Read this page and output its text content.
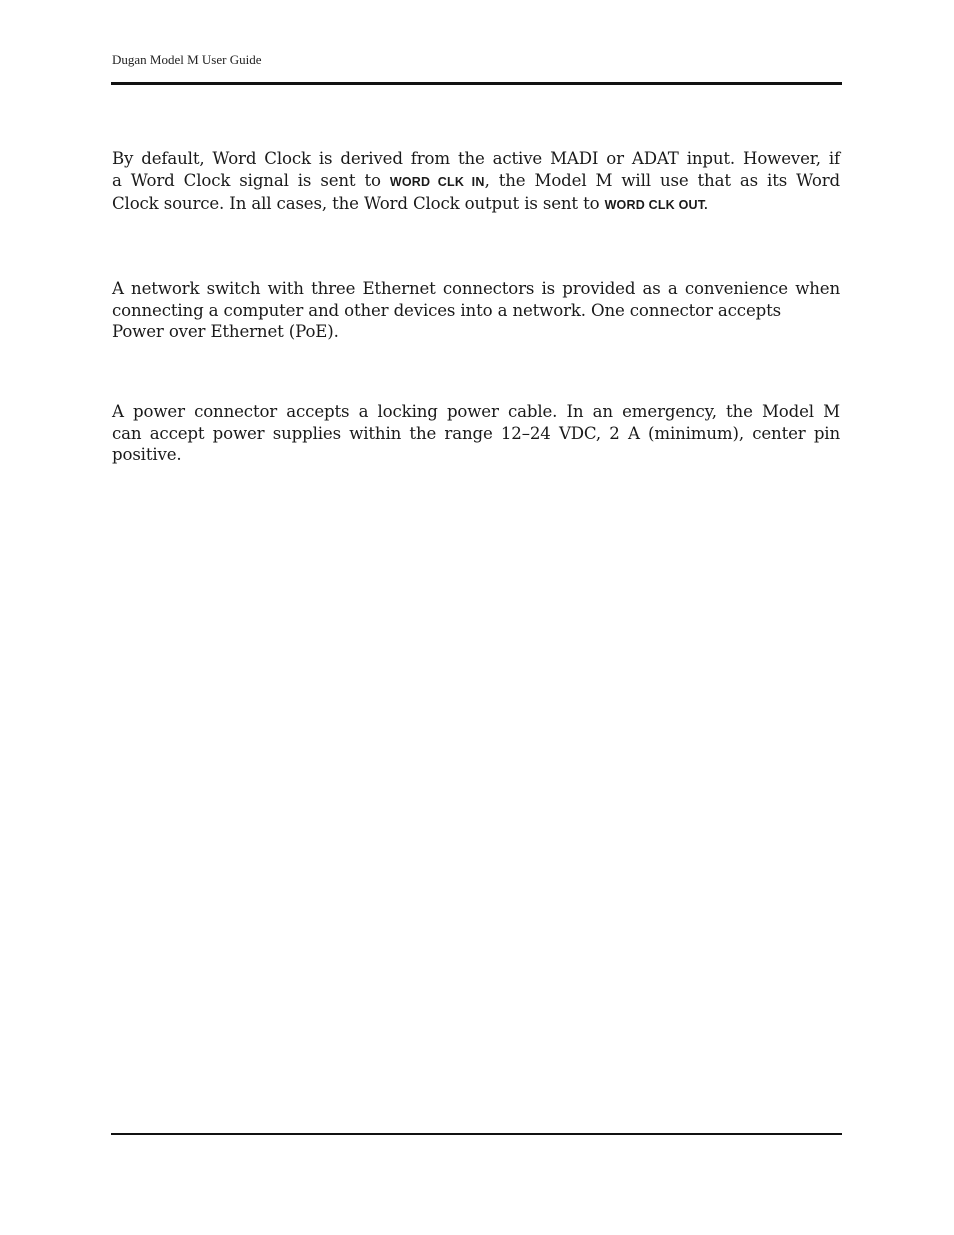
Dugan Model M User Guide

By default, Word Clock is derived from the active MADI or ADAT input. However, if
a Word Clock signal is sent to WORD CLK IN, the Model M will use that as its Word
Clock source. In all cases, the Word Clock output is sent to WORD CLK OUT.

A network switch with three Ethernet connectors is provided as a convenience when
connecting a computer and other devices into a network. One connector accepts
Power over Ethernet (PoE).

A power connector accepts a locking power cable. In an emergency, the Model M
can accept power supplies within the range 12–24 VDC, 2 A (minimum), center pin
positive.
